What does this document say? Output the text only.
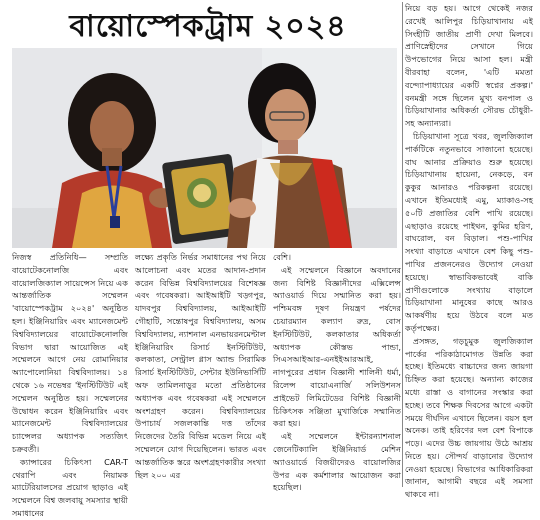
বায়োস্পেকট্রাম ২০২৪

নিজস্ব প্রতিনিধি— সম্প্রতি বায়োটেকনোলজি এবং বায়োলজিক্যাল সায়েন্সেস নিয়ে এক আন্তর্জাতিক সম্মেলন 'বায়োস্পেকট্রাম ২০২৪' অনুষ্ঠিত হল। ইঞ্জিনিয়ারিং এবং ম্যানেজমেন্ট বিশ্ববিদ্যালয়ের বায়োটেকনোলজি বিভাগ দ্বারা আয়োজিত এই সম্মেলনে আগে নেয় রোমানিয়ার অ্যাপোলোনিয়া বিশ্ববিদ্যালয়। ১৪ থেকে ১৬ নভেম্বর 'ইনস্টিটিউট এই সম্মেলন অনুষ্ঠিত হয়। সম্মেলনের উদ্বোধন করেন ইঞ্জিনিয়ারিং এবং ম্যানেজমেন্ট বিশ্ববিদ্যালয়ের চ্যান্সেলর অধ্যাপক সত্যজিৎ চক্রবর্তী।

ক্যান্সারের চিকিৎসা CAR-T থেরাপি এবং নিয়ামক ম্যাটেরিয়ালসের প্রয়োগ ছাড়াও এই সম্মেলনে বিশ্ব জলবায়ু সমস্যার স্থায়ী সমাধানের

লক্ষ্যে প্রকৃতি নির্ভর সমাধানের পথ নিয়ে আলোচনা এবং মতের আদান-প্রদান করেন বিভিন্ন বিশ্ববিদ্যালয়ের বিশেষজ্ঞ এবং গবেষকরা। আইআইটি খড়্গপুর, যাদবপুর বিশ্ববিদ্যালয়, আইআইটি গৌহাটি, সন্তোষপুর বিশ্ববিদ্যালয়, অসম বিশ্ববিদ্যালয়, ন্যাশনাল এনভায়রনমেন্টাল ইঞ্জিনিয়ারিং রিসার্চ ইনস্টিটিউট, কলকাতা, সেন্ট্রাল গ্লাস অ্যান্ড সিরামিক রিসার্চ ইনস্টিটিউট, সেন্টার ইউনিভার্সিটি অফ তামিলনাড়ুর মতো প্রতিষ্ঠানের অধ্যাপক এবং গবেষকরা এই সম্মেলনে অংশগ্রহণ করেন। বিশ্ববিদ্যালয়ের উপাচার্য সজলকান্তি দত্ত তাঁদের নিজেদের তৈরি বিভিন্ন মডেল নিয়ে এই সম্মেলনে যোগ দিয়েছিলেন। ভারত এবং আন্তর্জাতিক স্তরে অংশগ্রহণকারীর সংখ্যা ছিল ২০০ এর

বেশি।

এই সম্মেলনে বিজ্ঞানে অবদানের জন্য বিশিষ্ট বিজ্ঞানীদের এক্সিলেন্স অ্যাওয়ার্ড দিয়ে সম্মানিত করা হয়। পশ্চিমবঙ্গ দূষণ নিয়ন্ত্রণ পর্ষদের চেয়ারম্যান কল্যাণ রুদ্র, বোস ইনস্টিটিউট, কলকাতার অধিকর্তা অধ্যাপক কৌস্তভ পান্ডা, সিএসআইআর-এনইইআরআই, নাগপুরের প্রধান বিজ্ঞানী শালিনী ধর্মা, রিলেন্স বায়োএনার্জি সলিউশনস প্রাইভেট লিমিটেডের বিশিষ্ট বিজ্ঞানী চিকিৎসক সঞ্জিতা মুখার্জিকে সম্মানিত করা হয়।

এই সম্মেলনে ইন্টারন্যাশনাল জেনেটিক্যালি ইঞ্জিনিয়ার্ড মেশিন অ্যাওয়ার্ডে বিজয়ীদেরও বায়োলজির উপর এক কর্মশালার আয়োজন করা হয়েছিল।

নিয়ে বড় হয়। আগে থেকেই নজর রেখেই আলিপুর চিড়িয়াখানায় এই সিংহীটি জাতীয় প্রাণী দেখা মিলবে। প্রাণিস্নেহীদের সেখানে গিয়ে উপভোগের নিয়ে আসা হল। মন্ত্রী বীরবাহা বলেন, 'এটি মমতা বন্দ্যোপাধ্যায়ের একটি স্বপ্নের প্রকল্প।' বনমন্ত্রী সঙ্গে ছিলেন মুখ্য বনপাল ও চিড়িয়াখানার অধিকর্তা সৌরভ চৌধুরী-সহ অন্যান্যরা।

চিড়িয়াখানা সূত্রে খবর, জুলজিক্যাল পার্কটিকে নতুনভাবে সাজানো হয়েছে। বাঘ আনার প্রক্রিয়াও শুরু হয়েছে। চিড়িয়াখানায় হায়েনা, নেকড়ে, বন কুকুর আনারও পরিকল্পনা রয়েছে। এখানে ইতিমধ্যেই এমু, ম্যাকাও-সহ ৫০টি প্রজাতির বেশি পাখি রয়েছে। এছাড়াও রয়েছে পাইথন, কুমির হরিণ, বাঘরোল, বন বিড়াল। পশু-পাখির সংখ্যা বাড়াতে এখানে বেশ কিছু পশু-পাখির প্রজননেরও উদ্যোগ নেওয়া হয়েছে। স্বাভাবিকভাবেই বাকি প্রাণীগুলোকে সংখ্যায় বাড়ালে চিড়িয়াখানা মানুষের কাছে আরও আকর্ষণীয় হয়ে উঠবে বলে মত কর্তৃপক্ষের।

প্রসঙ্গত, গড়চুমুক জুলজিক্যাল পার্কের পরিকাঠামোগত উন্নতি করা হচ্ছে। ইতিমধ্যে বাচ্চাদের জন্য জায়গা চিহ্নিত করা হয়েছে। অন্যান্য কাজের মধ্যে রাস্তা ও বাগানের সংস্কার করা হচ্ছে। তবে শিক্ষক দিবসের আগে একটা সময়ে দীর্ঘদিন এখানে ছিলেন। বয়স হল অনেক। তাই হরিণের দল বেশ বিপাকে পড়ে। এদের উচ্চ জায়গায় উঠে আশ্রয় নিতে হয়। সৌন্দর্য বাড়ানোর উদ্যোগ নেওয়া হয়েছে। বিভাগের আধিকারিকরা জানান, আগামী বছরে এই সমস্যা থাকবে না।
